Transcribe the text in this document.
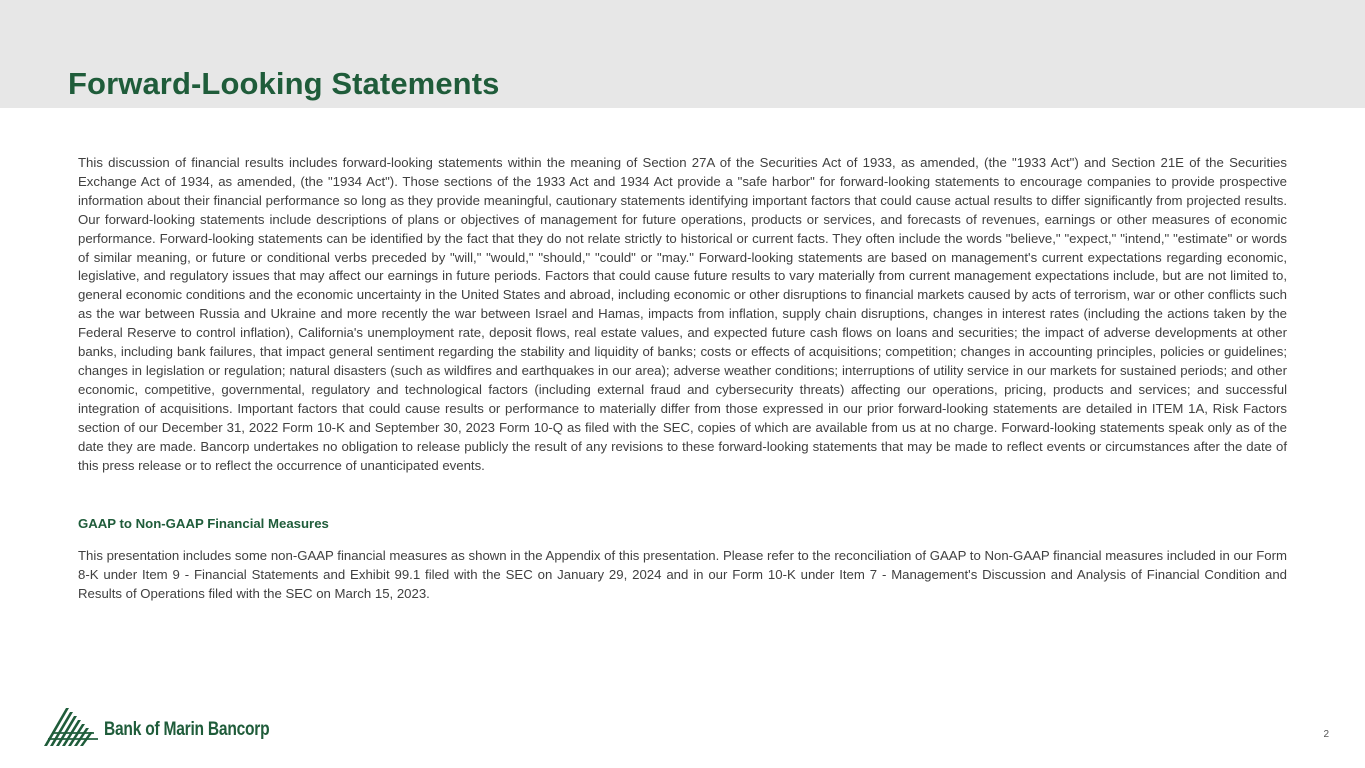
Forward-Looking Statements

This discussion of financial results includes forward-looking statements within the meaning of Section 27A of the Securities Act of 1933, as amended, (the "1933 Act") and Section 21E of the Securities Exchange Act of 1934, as amended, (the "1934 Act"). Those sections of the 1933 Act and 1934 Act provide a "safe harbor" for forward-looking statements to encourage companies to provide prospective information about their financial performance so long as they provide meaningful, cautionary statements identifying important factors that could cause actual results to differ significantly from projected results. Our forward-looking statements include descriptions of plans or objectives of management for future operations, products or services, and forecasts of revenues, earnings or other measures of economic performance. Forward-looking statements can be identified by the fact that they do not relate strictly to historical or current facts. They often include the words "believe," "expect," "intend," "estimate" or words of similar meaning, or future or conditional verbs preceded by "will," "would," "should," "could" or "may." Forward-looking statements are based on management's current expectations regarding economic, legislative, and regulatory issues that may affect our earnings in future periods. Factors that could cause future results to vary materially from current management expectations include, but are not limited to, general economic conditions and the economic uncertainty in the United States and abroad, including economic or other disruptions to financial markets caused by acts of terrorism, war or other conflicts such as the war between Russia and Ukraine and more recently the war between Israel and Hamas, impacts from inflation, supply chain disruptions, changes in interest rates (including the actions taken by the Federal Reserve to control inflation), California's unemployment rate, deposit flows, real estate values, and expected future cash flows on loans and securities; the impact of adverse developments at other banks, including bank failures, that impact general sentiment regarding the stability and liquidity of banks; costs or effects of acquisitions; competition; changes in accounting principles, policies or guidelines; changes in legislation or regulation; natural disasters (such as wildfires and earthquakes in our area); adverse weather conditions; interruptions of utility service in our markets for sustained periods; and other economic, competitive, governmental, regulatory and technological factors (including external fraud and cybersecurity threats) affecting our operations, pricing, products and services; and successful integration of acquisitions. Important factors that could cause results or performance to materially differ from those expressed in our prior forward-looking statements are detailed in ITEM 1A, Risk Factors section of our December 31, 2022 Form 10-K and September 30, 2023 Form 10-Q as filed with the SEC, copies of which are available from us at no charge. Forward-looking statements speak only as of the date they are made. Bancorp undertakes no obligation to release publicly the result of any revisions to these forward-looking statements that may be made to reflect events or circumstances after the date of this press release or to reflect the occurrence of unanticipated events.

GAAP to Non-GAAP Financial Measures

This presentation includes some non-GAAP financial measures as shown in the Appendix of this presentation. Please refer to the reconciliation of GAAP to Non-GAAP financial measures included in our Form 8-K under Item 9 - Financial Statements and Exhibit 99.1 filed with the SEC on January 29, 2024 and in our Form 10-K under Item 7 - Management's Discussion and Analysis of Financial Condition and Results of Operations filed with the SEC on March 15, 2023.

Bank of Marin Bancorp	2
